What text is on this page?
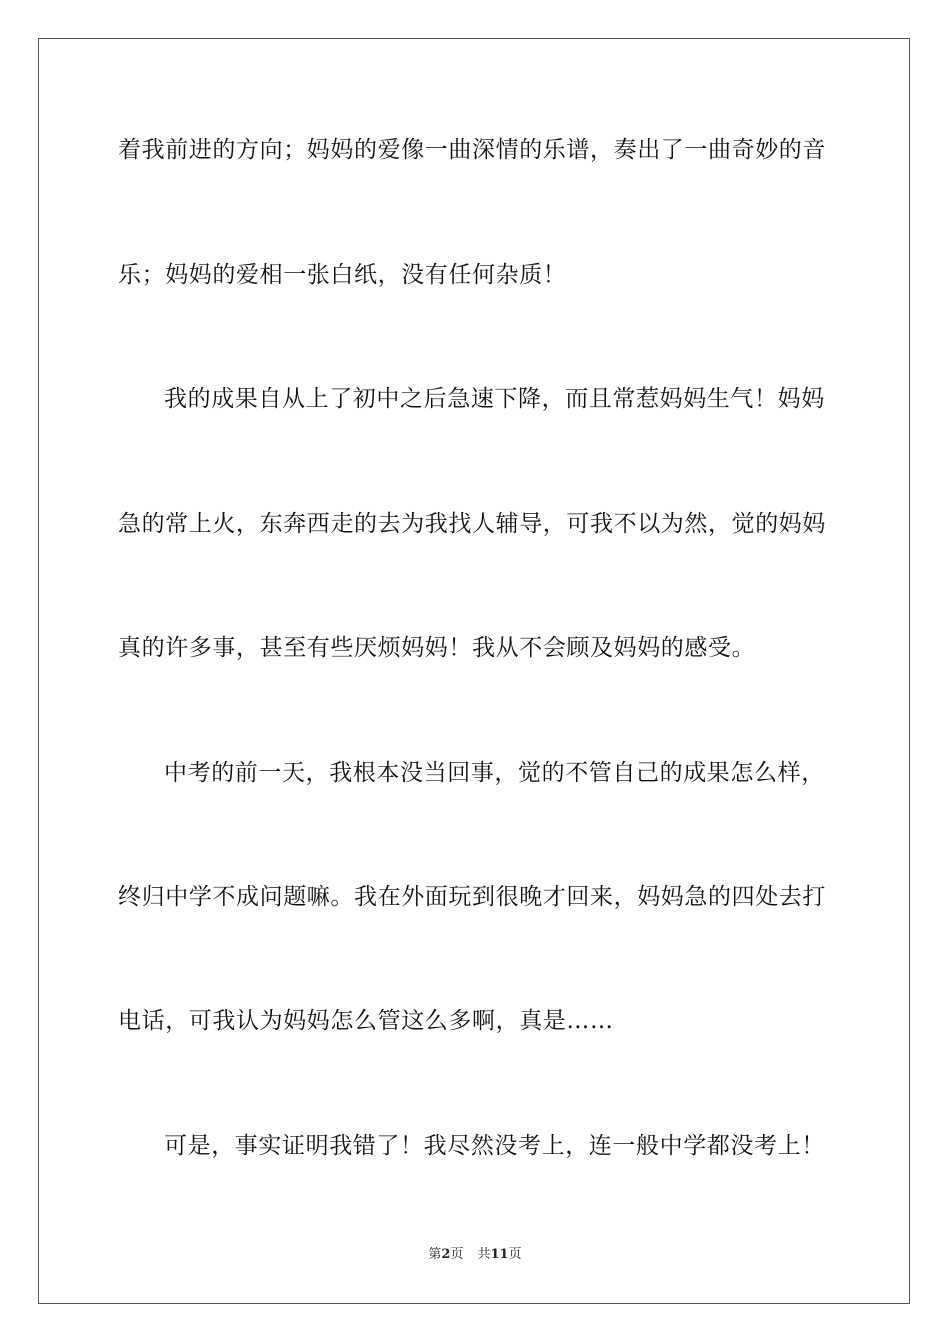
着我前进的方向；妈妈的爱像一曲深情的乐谱，奏出了一曲奇妙的音
乐；妈妈的爱相一张白纸，没有任何杂质！
我的成果自从上了初中之后急速下降，而且常惹妈妈生气！妈妈
急的常上火，东奔西走的去为我找人辅导，可我不以为然，觉的妈妈
真的许多事，甚至有些厌烦妈妈！我从不会顾及妈妈的感受。
中考的前一天，我根本没当回事，觉的不管自己的成果怎么样，
终归中学不成问题嘛。我在外面玩到很晚才回来，妈妈急的四处去打
电话，可我认为妈妈怎么管这么多啊，真是……
可是，事实证明我错了！我尽然没考上，连一般中学都没考上！
第2页 共11页
